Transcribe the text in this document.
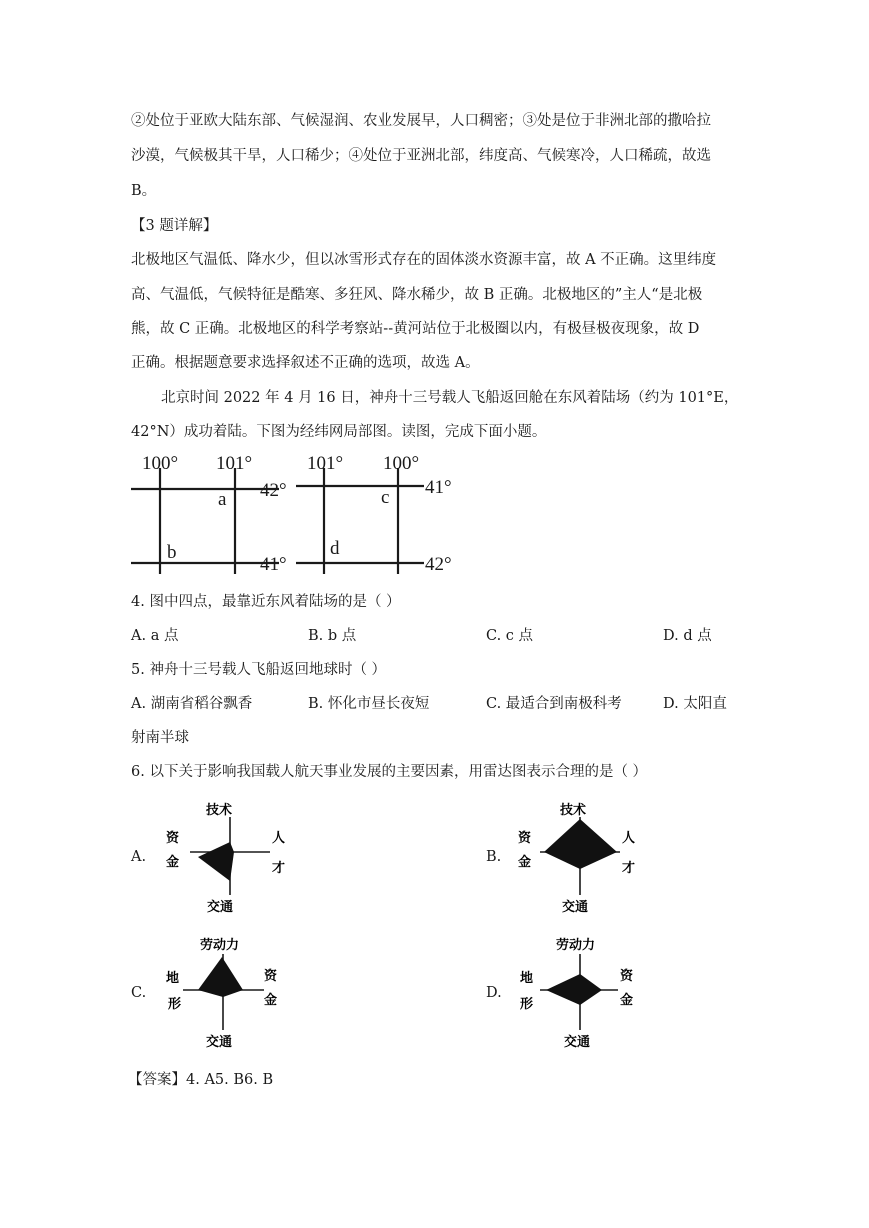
②处位于亚欧大陆东部、气候湿润、农业发展早，人口稠密；③处是位于非洲北部的撒哈拉
沙漠，气候极其干旱，人口稀少；④处位于亚洲北部，纬度高、气候寒冷，人口稀疏，故选
B。
【3 题详解】
北极地区气温低、降水少，但以冰雪形式存在的固体淡水资源丰富，故 A 不正确。这里纬度
高、气温低，气候特征是酷寒、多狂风、降水稀少，故 B 正确。北极地区的”主人“是北极
熊，故 C 正确。北极地区的科学考察站--黄河站位于北极圈以内，有极昼极夜现象，故 D
正确。根据题意要求选择叙述不正确的选项，故选 A。
北京时间 2022 年 4 月 16 日，神舟十三号载人飞船返回舱在东风着陆场（约为 101°E，
42°N）成功着陆。下图为经纬网局部图。读图，完成下面小题。
100° 101°
42°
41°
a
b
101° 100°
41°
42°
c
d
4. 图中四点，最靠近东风着陆场的是（ ）
A. a 点	B. b 点	C. c 点	D. d 点
5. 神舟十三号载人飞船返回地球时（ ）
A. 湖南省稻谷飘香	B. 怀化市昼长夜短	C. 最适合到南极科考	D. 太阳直
射南半球
6. 以下关于影响我国载人航天事业发展的主要因素，用雷达图表示合理的是（ ）
A.
技术
资
金
人
才
交通
B.
技术
资
金
人
才
交通
C.
劳动力
地
形
资
金
交通
D.
劳动力
地
形
资
金
交通
【答案】4. A5. B6. B
